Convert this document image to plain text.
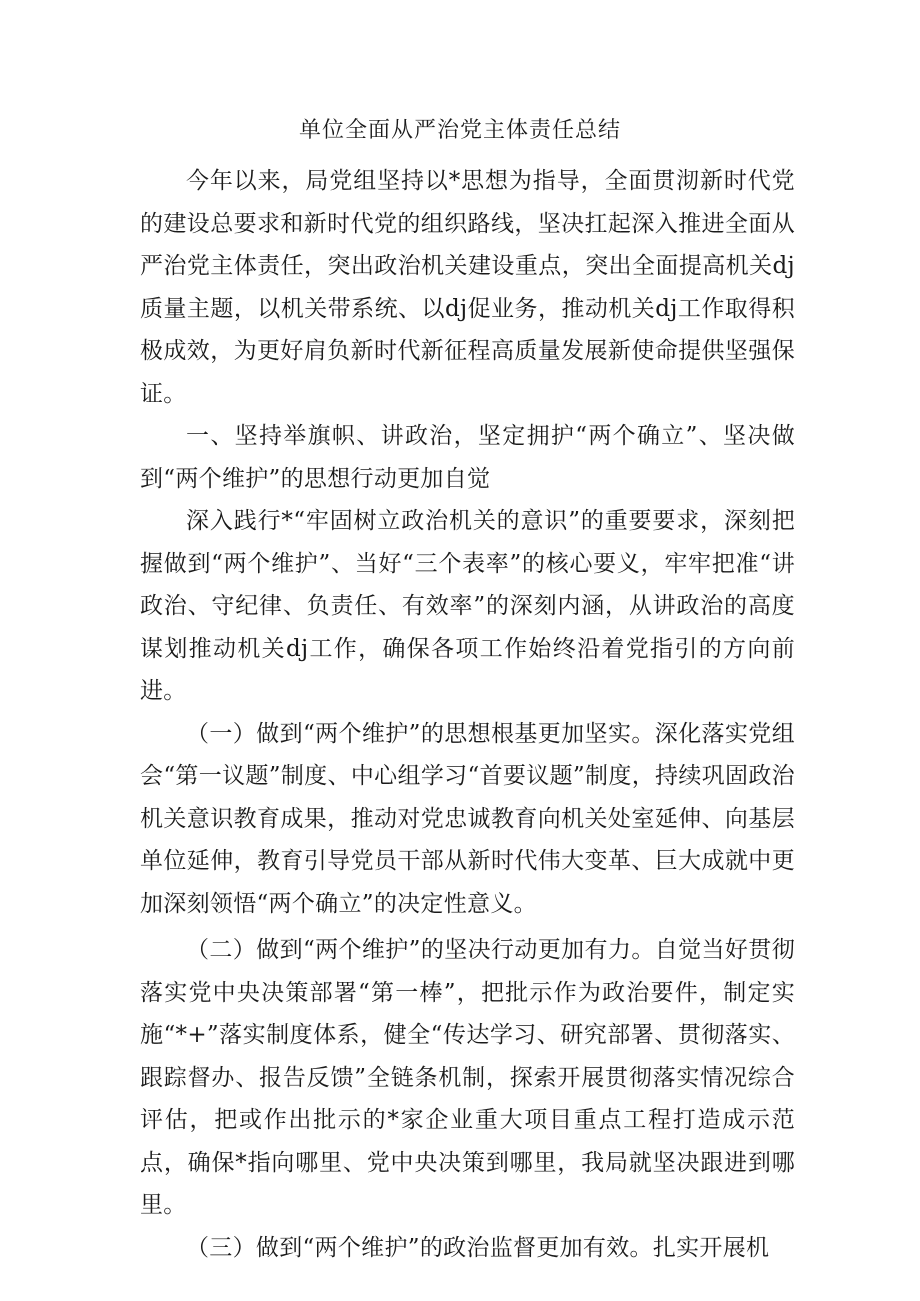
单位全面从严治党主体责任总结

今年以来，局党组坚持以*思想为指导，全面贯沏新时代党的建设总要求和新时代党的组织路线，坚决扛起深入推进全面从严治党主体责任，突出政治机关建设重点，突出全面提高机关dj质量主题，以机关带系统、以dj促业务，推动机关dj工作取得积极成效，为更好肩负新时代新征程高质量发展新使命提供坚强保证。

一、坚持举旗帜、讲政治，坚定拥护“两个确立”、坚决做到“两个维护”的思想行动更加自觉

深入践行*“牢固树立政治机关的意识”的重要要求，深刻把握做到“两个维护”、当好“三个表率”的核心要义，牢牢把准“讲政治、守纪律、负责任、有效率”的深刻内涵，从讲政治的高度谋划推动机关dj工作，确保各项工作始终沿着党指引的方向前进。

（一）做到“两个维护”的思想根基更加坚实。深化落实党组会“第一议题”制度、中心组学习“首要议题”制度，持续巩固政治机关意识教育成果，推动对党忠诚教育向机关处室延伸、向基层单位延伸，教育引导党员干部从新时代伟大变革、巨大成就中更加深刻领悟“两个确立”的决定性意义。

（二）做到“两个维护”的坚决行动更加有力。自觉当好贯彻落实党中央决策部署“第一棒”，把批示作为政治要件，制定实施“*+”落实制度体系，健全“传达学习、研究部署、贯彻落实、跟踪督办、报告反馈”全链条机制，探索开展贯彻落实情况综合评估，把或作出批示的*家企业重大项目重点工程打造成示范点，确保*指向哪里、党中央决策到哪里，我局就坚决跟进到哪里。

（三）做到“两个维护”的政治监督更加有效。扎实开展机
